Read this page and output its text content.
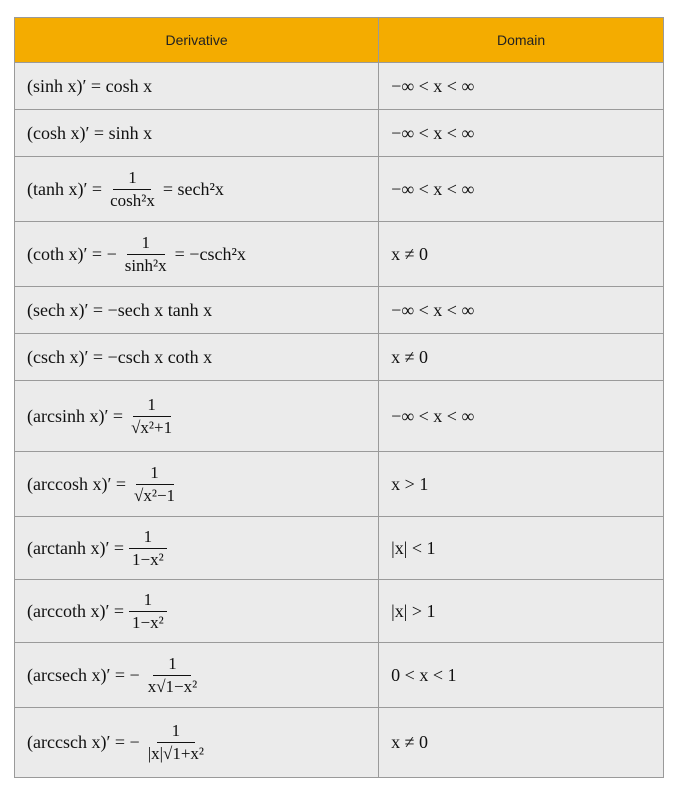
Derivative	Domain

(sinh x)′ = cosh x	−∞ < x < ∞

(cosh x)′ = sinh x	−∞ < x < ∞

(tanh $x)' = \frac{1}{\text{cosh²x}} = \sec h^2x$	−∞ < x < ∞

(coth x)′ = − $\frac{1}{\text{sinh²x}} = -\csc h^2x$	x ≠ 0

(sech x)′ = −sech x tanh x	−∞ < x < ∞

(csch x)′ = −csch x coth x	x ≠ 0

(arcsinh $x)' = \frac{1}{\text{√x²+1}}$	−∞ < x < ∞

(arccosh $x)' = \frac{1}{\text{√x²−1}}$	x > 1

(arctanh $x)' = \frac{1}{\text{1−x²}}$	|x| < 1

(arccoth $x)' = \frac{1}{\text{1−x²}}$	|x| > 1

(arcsech x)′ = − $\frac{1}{\text{x√1−x²}}$	0 < x < 1

(arccsch x)′ = − $\frac{1}{\text{|x|√1+x²}}$	x ≠ 0
